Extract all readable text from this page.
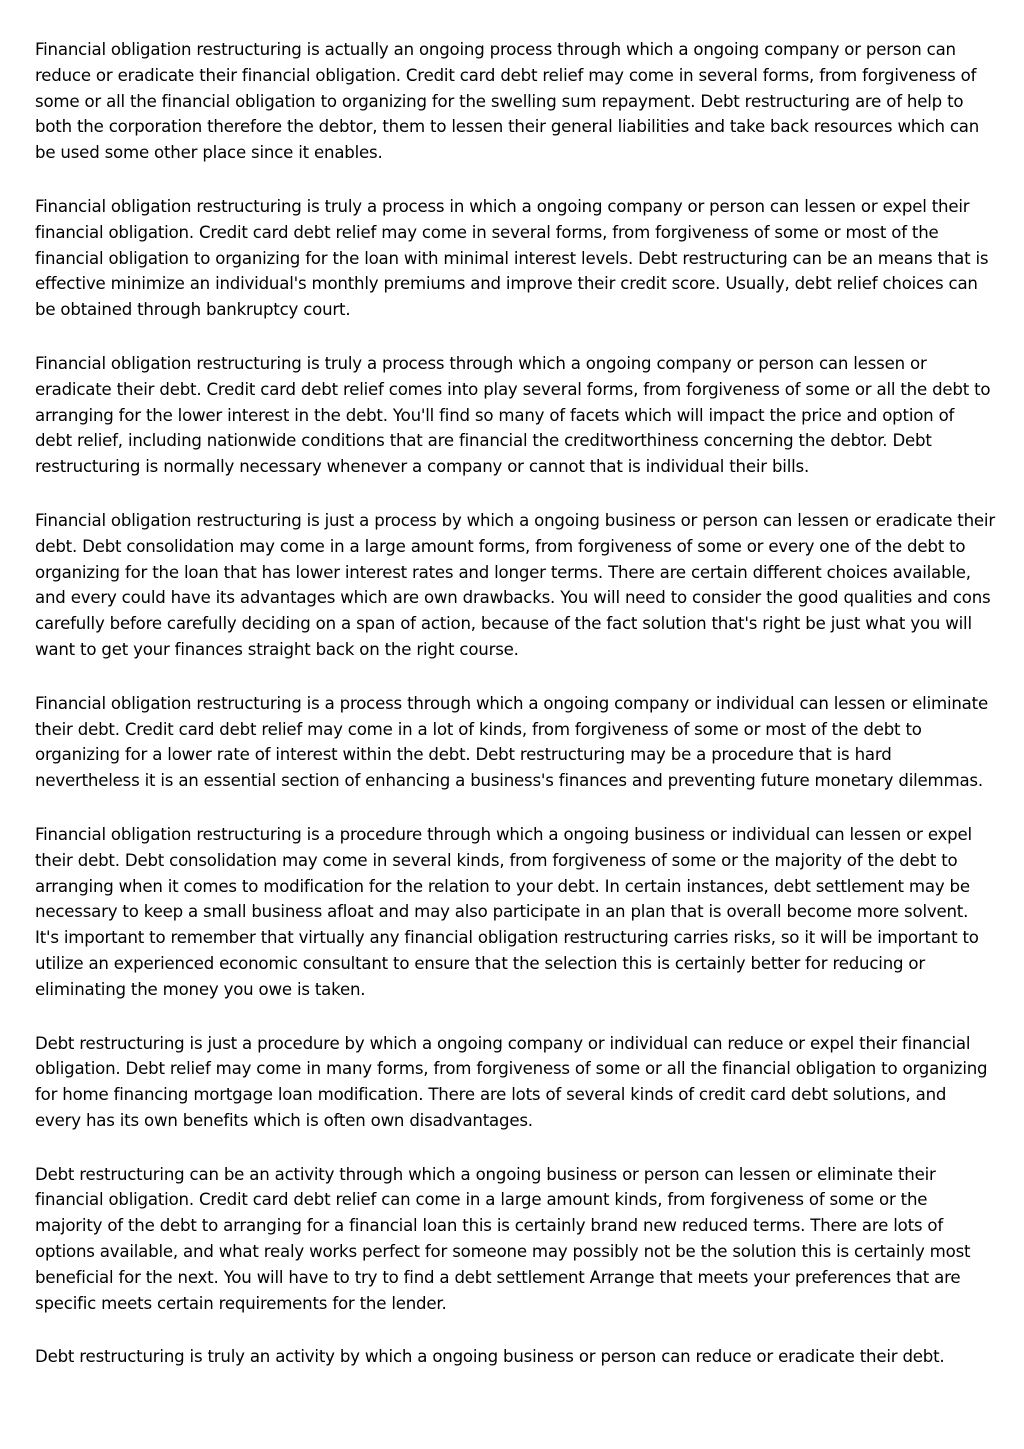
Financial obligation restructuring is actually an ongoing process through which a ongoing company or person can reduce or eradicate their financial obligation. Credit card debt relief may come in several forms, from forgiveness of some or all the financial obligation to organizing for the swelling sum repayment. Debt restructuring are of help to both the corporation therefore the debtor, them to lessen their general liabilities and take back resources which can be used some other place since it enables.

Financial obligation restructuring is truly a process in which a ongoing company or person can lessen or expel their financial obligation. Credit card debt relief may come in several forms, from forgiveness of some or most of the financial obligation to organizing for the loan with minimal interest levels. Debt restructuring can be an means that is effective minimize an individual's monthly premiums and improve their credit score. Usually, debt relief choices can be obtained through bankruptcy court.

Financial obligation restructuring is truly a process through which a ongoing company or person can lessen or eradicate their debt. Credit card debt relief comes into play several forms, from forgiveness of some or all the debt to arranging for the lower interest in the debt. You'll find so many of facets which will impact the price and option of debt relief, including nationwide conditions that are financial the creditworthiness concerning the debtor. Debt restructuring is normally necessary whenever a company or cannot that is individual their bills.

Financial obligation restructuring is just a process by which a ongoing business or person can lessen or eradicate their debt. Debt consolidation may come in a large amount forms, from forgiveness of some or every one of the debt to organizing for the loan that has lower interest rates and longer terms. There are certain different choices available, and every could have its advantages which are own drawbacks. You will need to consider the good qualities and cons carefully before carefully deciding on a span of action, because of the fact solution that's right be just what you will want to get your finances straight back on the right course.

Financial obligation restructuring is a process through which a ongoing company or individual can lessen or eliminate their debt. Credit card debt relief may come in a lot of kinds, from forgiveness of some or most of the debt to organizing for a lower rate of interest within the debt. Debt restructuring may be a procedure that is hard nevertheless it is an essential section of enhancing a business's finances and preventing future monetary dilemmas.

Financial obligation restructuring is a procedure through which a ongoing business or individual can lessen or expel their debt. Debt consolidation may come in several kinds, from forgiveness of some or the majority of the debt to arranging when it comes to modification for the relation to your debt. In certain instances, debt settlement may be necessary to keep a small business afloat and may also participate in an plan that is overall become more solvent. It's important to remember that virtually any financial obligation restructuring carries risks, so it will be important to utilize an experienced economic consultant to ensure that the selection this is certainly better for reducing or eliminating the money you owe is taken.

Debt restructuring is just a procedure by which a ongoing company or individual can reduce or expel their financial obligation. Debt relief may come in many forms, from forgiveness of some or all the financial obligation to organizing for home financing mortgage loan modification. There are lots of several kinds of credit card debt solutions, and every has its own benefits which is often own disadvantages.

Debt restructuring can be an activity through which a ongoing business or person can lessen or eliminate their financial obligation. Credit card debt relief can come in a large amount kinds, from forgiveness of some or the majority of the debt to arranging for a financial loan this is certainly brand new reduced terms. There are lots of options available, and what realy works perfect for someone may possibly not be the solution this is certainly most beneficial for the next. You will have to try to find a debt settlement Arrange that meets your preferences that are specific meets certain requirements for the lender.

Debt restructuring is truly an activity by which a ongoing business or person can reduce or eradicate their debt.
